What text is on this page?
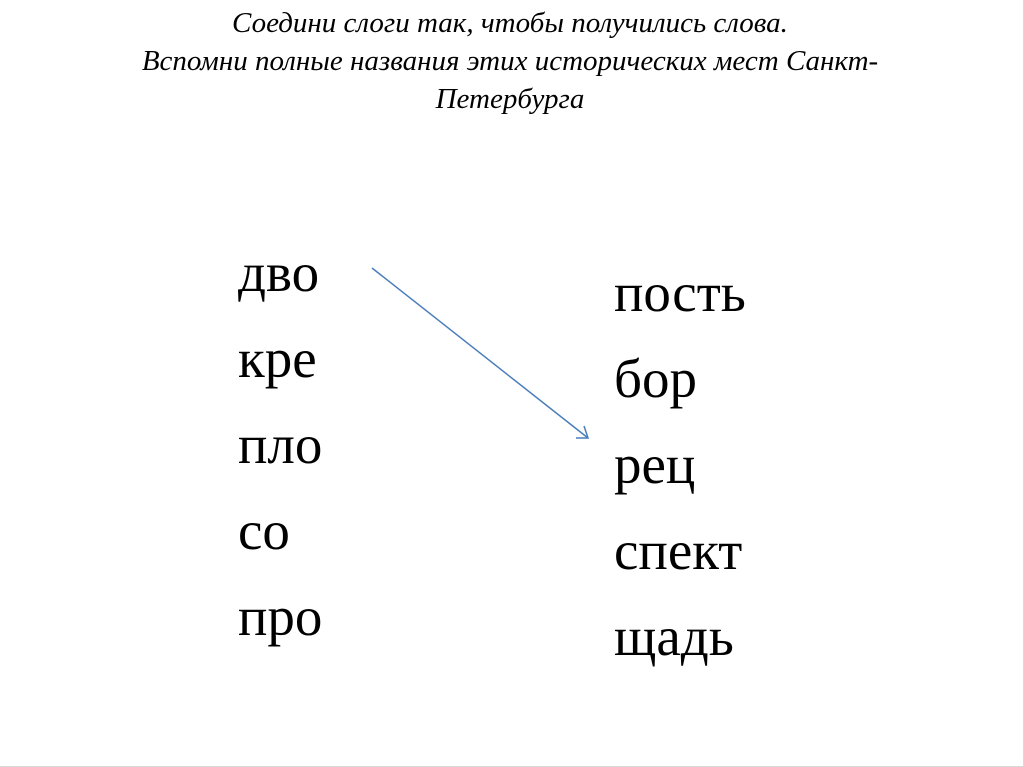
Соедини слоги так, чтобы получились слова.
Вспомни полные названия этих исторических мест Санкт-
Петербурга
дво
кре
пло
со
про
пость
бор
рец
спект
щадь
